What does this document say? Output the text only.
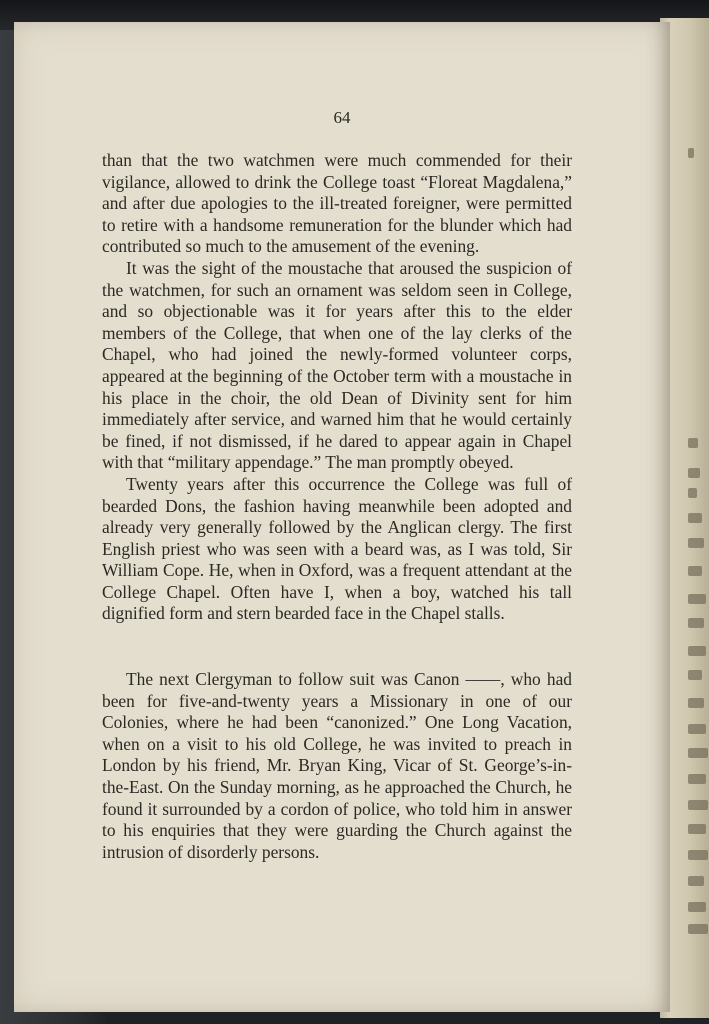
64

than that the two watchmen were much commended for their vigilance, allowed to drink the College toast “Floreat Magdalena,” and after due apologies to the ill-treated foreigner, were permitted to retire with a handsome remuneration for the blunder which had contributed so much to the amusement of the evening.

It was the sight of the moustache that aroused the suspicion of the watchmen, for such an ornament was seldom seen in College, and so objectionable was it for years after this to the elder members of the College, that when one of the lay clerks of the Chapel, who had joined the newly-formed volunteer corps, appeared at the beginning of the October term with a moustache in his place in the choir, the old Dean of Divinity sent for him immediately after service, and warned him that he would certainly be fined, if not dismissed, if he dared to appear again in Chapel with that “military appendage.” The man promptly obeyed.

Twenty years after this occurrence the College was full of bearded Dons, the fashion having meanwhile been adopted and already very generally followed by the Anglican clergy. The first English priest who was seen with a beard was, as I was told, Sir William Cope. He, when in Oxford, was a frequent attendant at the College Chapel. Often have I, when a boy, watched his tall dignified form and stern bearded face in the Chapel stalls.

The next Clergyman to follow suit was Canon ——, who had been for five-and-twenty years a Missionary in one of our Colonies, where he had been “canonized.” One Long Vacation, when on a visit to his old College, he was invited to preach in London by his friend, Mr. Bryan King, Vicar of St. George’s-in-the-East. On the Sunday morning, as he approached the Church, he found it surrounded by a cordon of police, who told him in answer to his enquiries that they were guarding the Church against the intrusion of disorderly persons.
